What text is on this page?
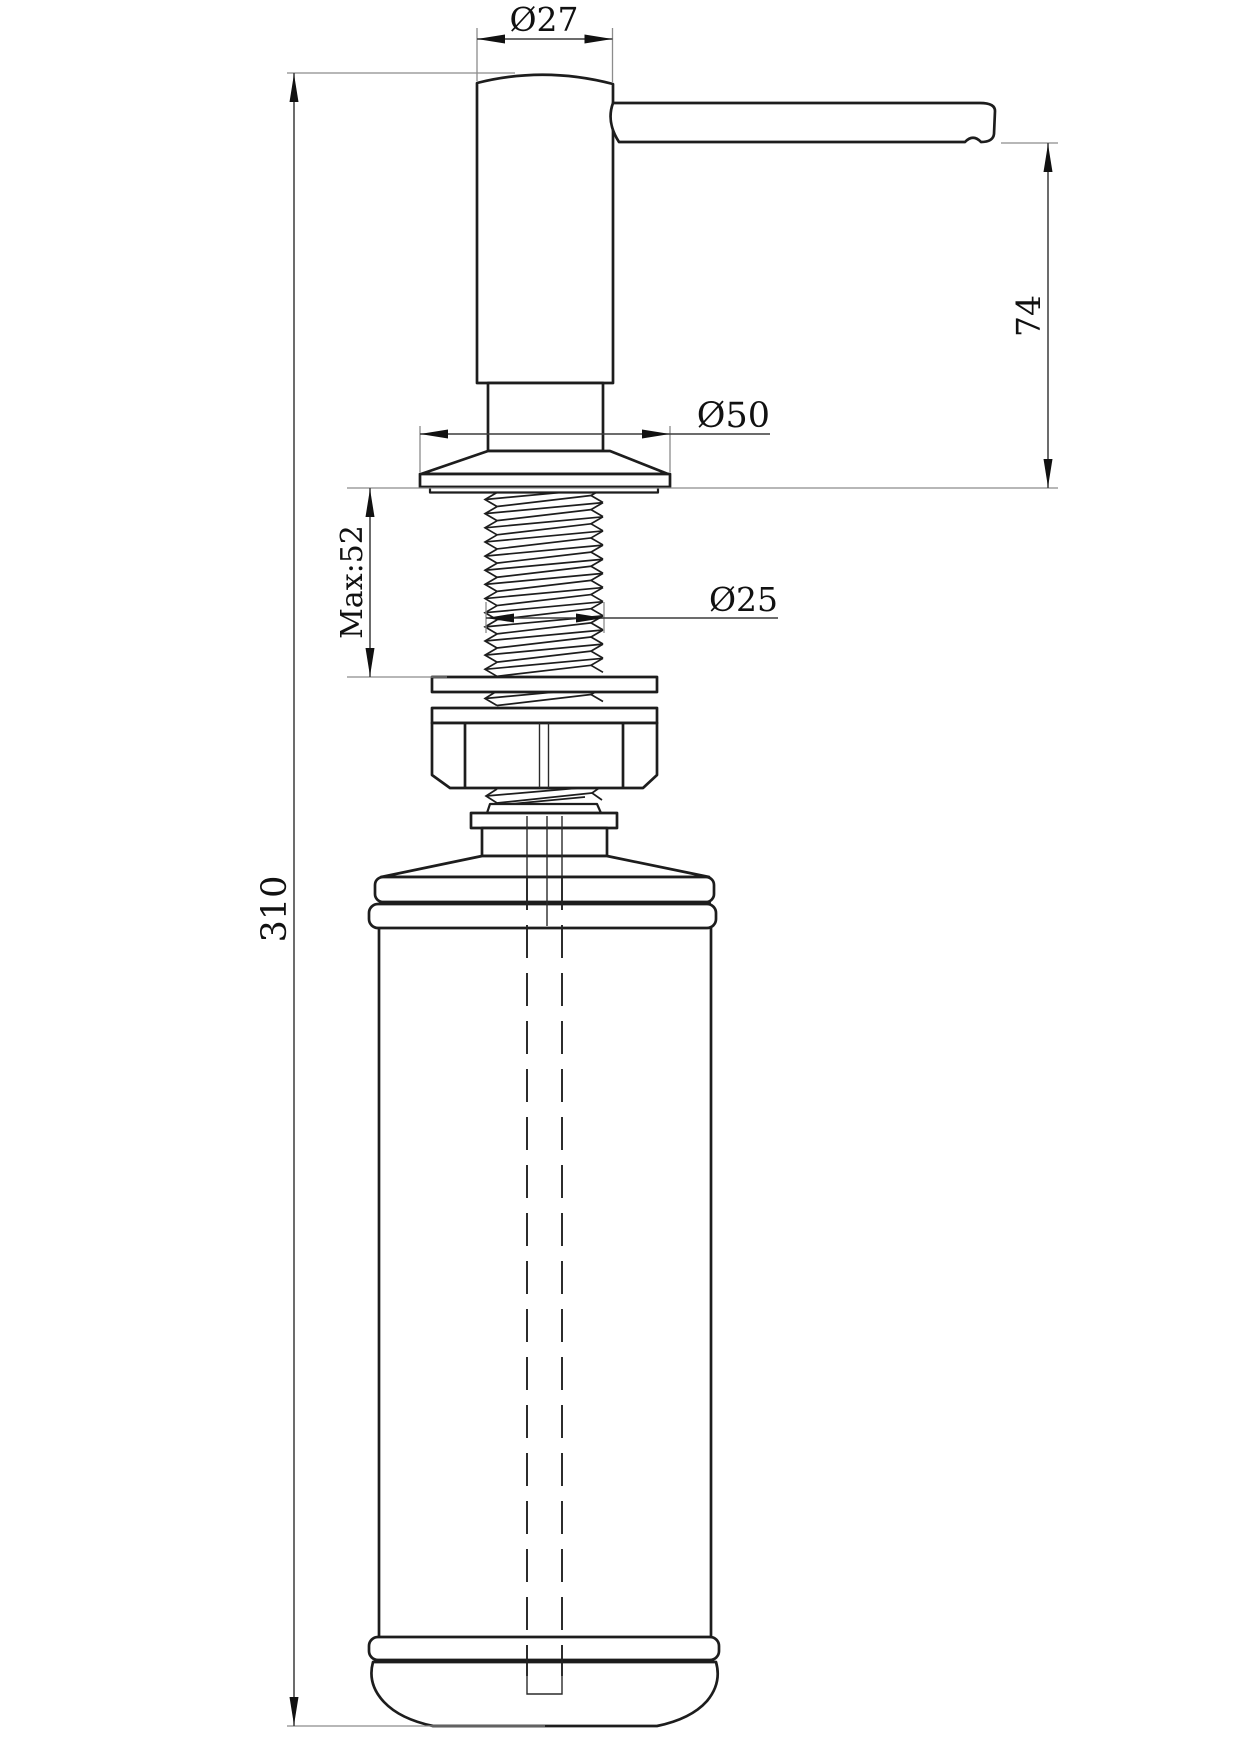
Ø27
Ø50
Ø25
Max:52
74
310
